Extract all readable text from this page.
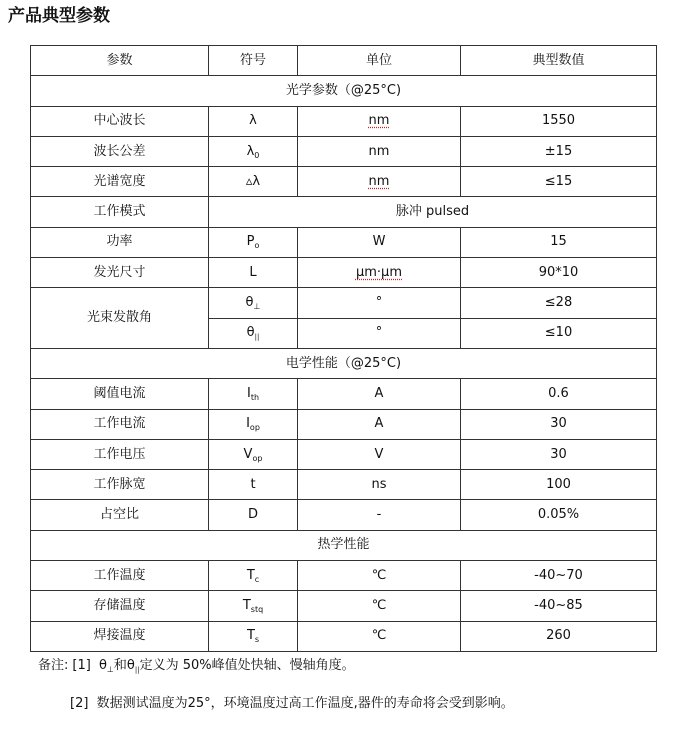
产品典型参数
参数	符号	单位	典型数值
光学参数（@25°C)			
中心波长	λ	nm	1550
波长公差	$\lambda_0$	nm	±15
光谱宽度	▵λ	nm	≤15
工作模式	脉冲 pulsed		
功率	$P_o$	W	15
发光尺寸	L	μm·μm	90*10
光束发散角	$\theta_\perp$	°	≤28
	$\theta_{||}$	°	≤10
电学性能（@25°C)			
阈值电流	$I_{th}$	A	0.6
工作电流	$I_{op}$	A	30
工作电压	$V_{op}$	V	30
工作脉宽	t	ns	100
占空比	D	-	0.05%
热学性能			
工作温度	$T_c$	℃	-40~70
存储温度	$T_{stq}$	℃	-40~85
焊接温度	$T_s$	℃	260
备注: [1] $\theta_\perp$和$\theta_{||}$定义为 50%峰值处快轴、慢轴角度。
[2] 数据测试温度为25°，环境温度过高工作温度,器件的寿命将会受到影响。
